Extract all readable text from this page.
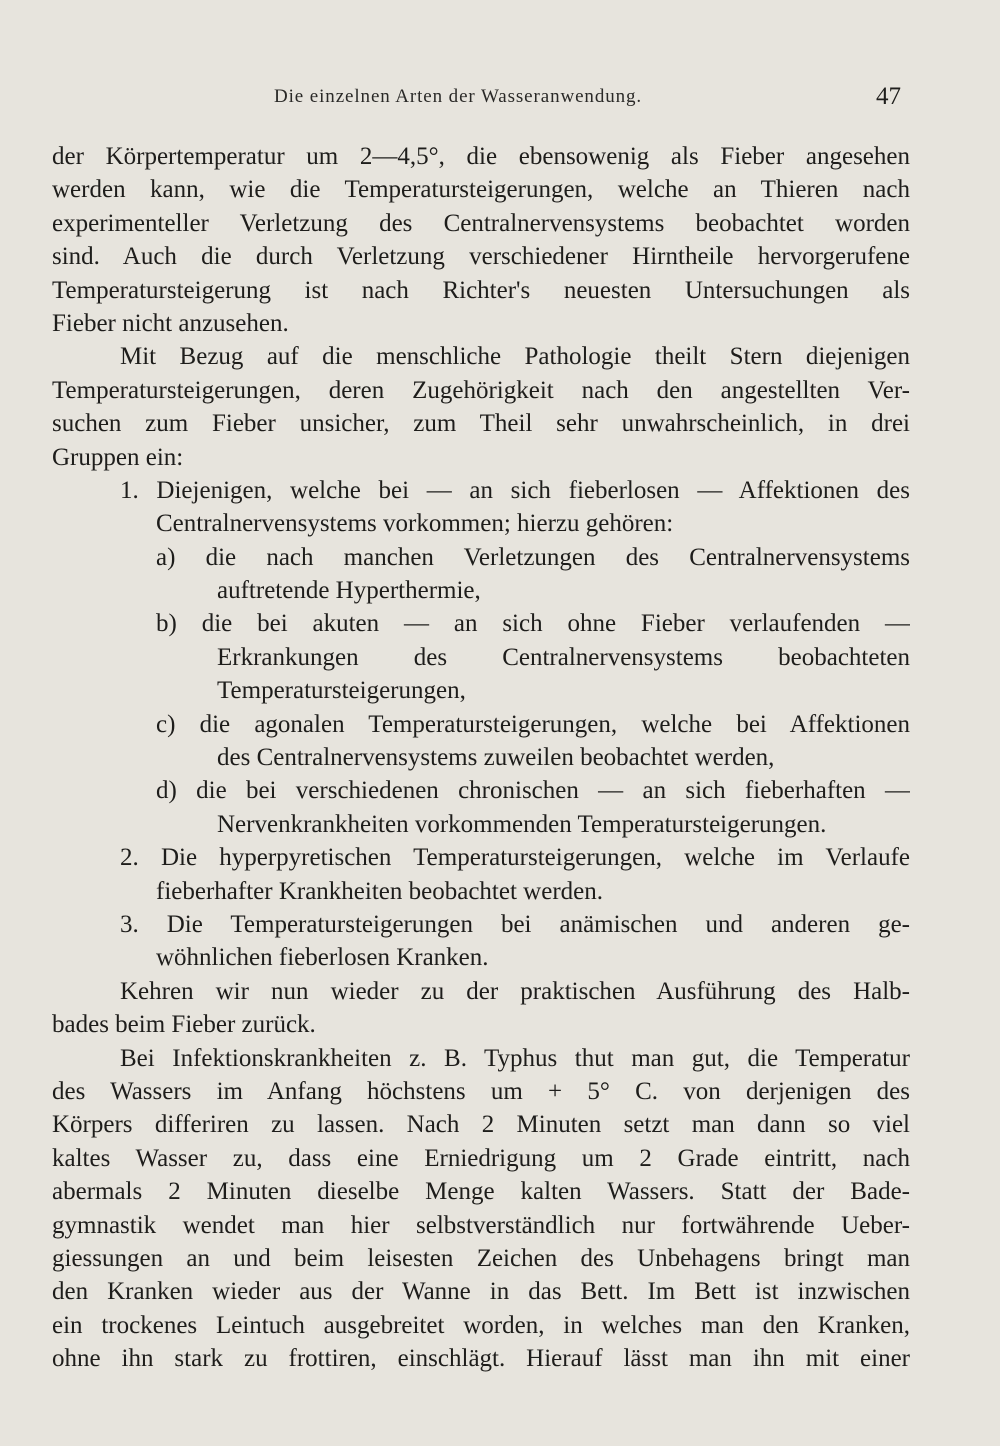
Die einzelnen Arten der Wasseranwendung.	47
der Körpertemperatur um 2—4,5°, die ebensowenig als Fieber angesehen
werden kann, wie die Temperatursteigerungen, welche an Thieren nach
experimenteller Verletzung des Centralnervensystems beobachtet worden
sind. Auch die durch Verletzung verschiedener Hirntheile hervorgerufene
Temperatursteigerung ist nach Richter's neuesten Untersuchungen als
Fieber nicht anzusehen.
Mit Bezug auf die menschliche Pathologie theilt Stern diejenigen
Temperatursteigerungen, deren Zugehörigkeit nach den angestellten Ver-
suchen zum Fieber unsicher, zum Theil sehr unwahrscheinlich, in drei
Gruppen ein:
1. Diejenigen, welche bei — an sich fieberlosen — Affektionen des
Centralnervensystems vorkommen; hierzu gehören:
a) die nach manchen Verletzungen des Centralnervensystems
auftretende Hyperthermie,
b) die bei akuten — an sich ohne Fieber verlaufenden —
Erkrankungen des Centralnervensystems beobachteten
Temperatursteigerungen,
c) die agonalen Temperatursteigerungen, welche bei Affektionen
des Centralnervensystems zuweilen beobachtet werden,
d) die bei verschiedenen chronischen — an sich fieberhaften —
Nervenkrankheiten vorkommenden Temperatursteigerungen.
2. Die hyperpyretischen Temperatursteigerungen, welche im Verlaufe
fieberhafter Krankheiten beobachtet werden.
3. Die Temperatursteigerungen bei anämischen und anderen ge-
wöhnlichen fieberlosen Kranken.
Kehren wir nun wieder zu der praktischen Ausführung des Halb-
bades beim Fieber zurück.
Bei Infektionskrankheiten z. B. Typhus thut man gut, die Temperatur
des Wassers im Anfang höchstens um + 5° C. von derjenigen des
Körpers differiren zu lassen. Nach 2 Minuten setzt man dann so viel
kaltes Wasser zu, dass eine Erniedrigung um 2 Grade eintritt, nach
abermals 2 Minuten dieselbe Menge kalten Wassers. Statt der Bade-
gymnastik wendet man hier selbstverständlich nur fortwährende Ueber-
giessungen an und beim leisesten Zeichen des Unbehagens bringt man
den Kranken wieder aus der Wanne in das Bett. Im Bett ist inzwischen
ein trockenes Leintuch ausgebreitet worden, in welches man den Kranken,
ohne ihn stark zu frottiren, einschlägt. Hierauf lässt man ihn mit einer
